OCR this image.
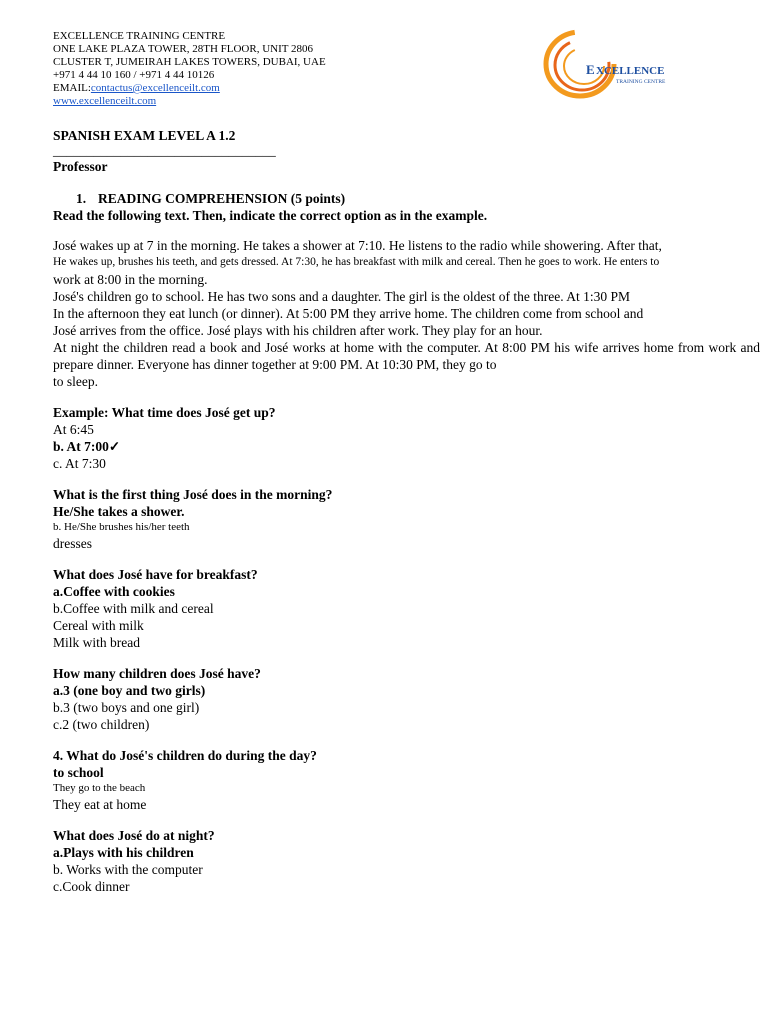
E XCELLENCE
TRAINING CENTRE
EXCELLENCE TRAINING CENTRE
ONE LAKE PLAZA TOWER, 28TH FLOOR, UNIT 2806
CLUSTER T, JUMEIRAH LAKES TOWERS, DUBAI, UAE
+971 4 44 10 160 / +971 4 44 10126
EMAIL:contactus@excellenceilt.com
www.excellenceilt.com
SPANISH EXAM LEVEL A 1.2
_________________________________
Professor
1. READING COMPREHENSION (5 points)
Read the following text. Then, indicate the correct option as in the example.

José wakes up at 7 in the morning. He takes a shower at 7:10. He listens to the radio while showering. After that,

He wakes up, brushes his teeth, and gets dressed. At 7:30, he has breakfast with milk and cereal. Then he goes to work. He enters to

work at 8:00 in the morning.

José's children go to school. He has two sons and a daughter. The girl is the oldest of the three. At 1:30 PM

In the afternoon they eat lunch (or dinner). At 5:00 PM they arrive home. The children come from school and

José arrives from the office. José plays with his children after work. They play for an hour.

At night the children read a book and José works at home with the computer. At 8:00 PM his wife arrives home from work and prepare dinner. Everyone has dinner together at 9:00 PM. At 10:30 PM, they go to

to sleep.

Example: What time does José get up?
At 6:45
b. At 7:00✓
c. At 7:30
What is the first thing José does in the morning?
He/She takes a shower.
b. He/She brushes his/her teeth
dresses
What does José have for breakfast?
a.Coffee with cookies
b.Coffee with milk and cereal
Cereal with milk
Milk with bread
How many children does José have?
a.3 (one boy and two girls)
b.3 (two boys and one girl)
c.2 (two children)
4. What do José's children do during the day?
to school
They go to the beach
They eat at home
What does José do at night?
a.Plays with his children
b. Works with the computer
c.Cook dinner
